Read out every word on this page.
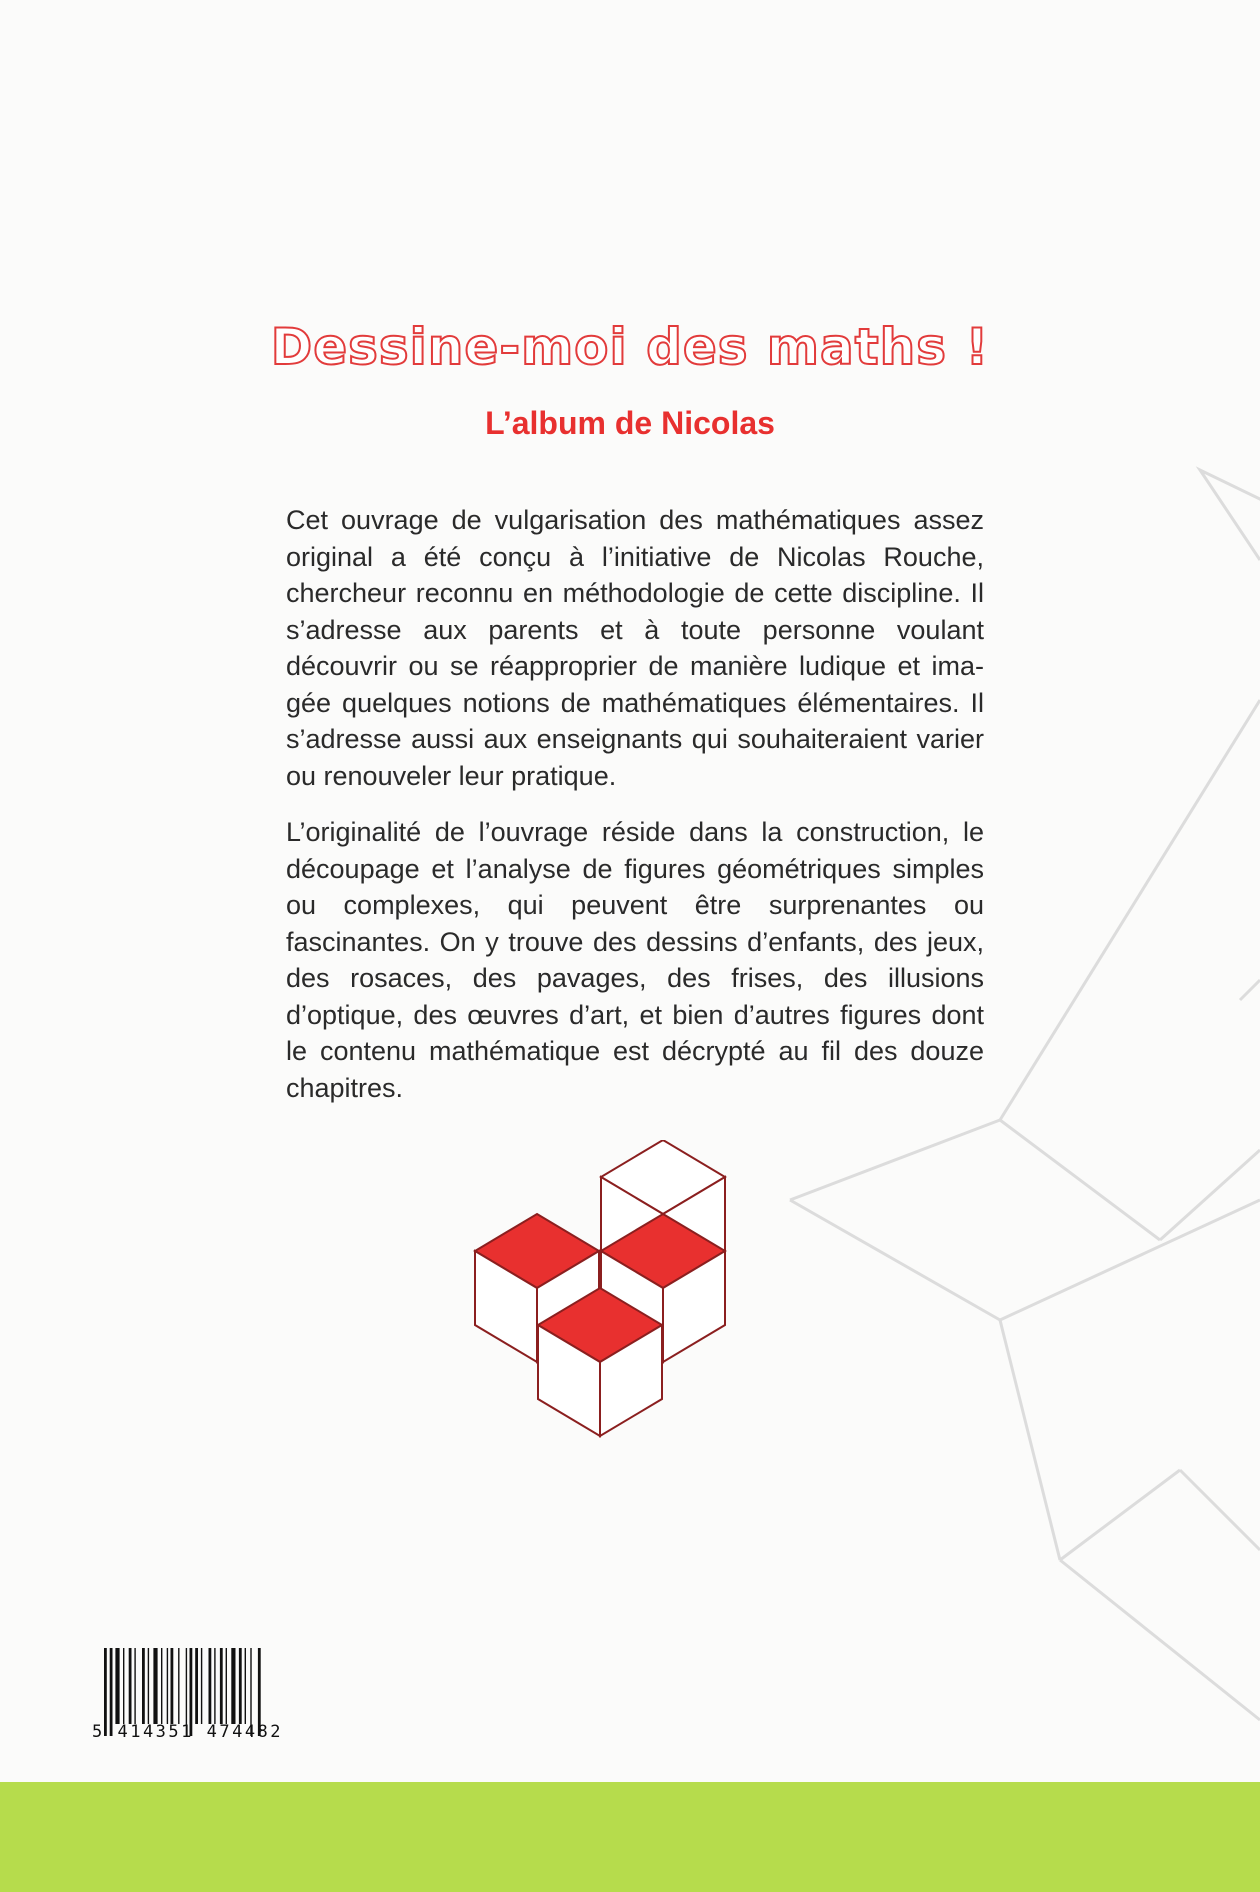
Dessine-moi des maths !
L’album de Nicolas

Cet ouvrage de vulgarisation des mathématiques assez original a été conçu à l’initiative de Nicolas Rouche, chercheur reconnu en méthodologie de cette discipline. Il s’adresse aux parents et à toute personne voulant découvrir ou se réapproprier de manière ludique et imagée quelques notions de mathématiques élémentaires. Il s’adresse aussi aux enseignants qui souhaiteraient varier ou renouveler leur pratique.

L’originalité de l’ouvrage réside dans la construction, le découpage et l’analyse de figures géométriques simples ou complexes, qui peuvent être surprenantes ou fascinantes. On y trouve des dessins d’enfants, des jeux, des rosaces, des pavages, des frises, des illusions d’optique, des œuvres d’art, et bien d’autres figures dont le contenu mathématique est décrypté au fil des douze chapitres.

5 414351 474482
